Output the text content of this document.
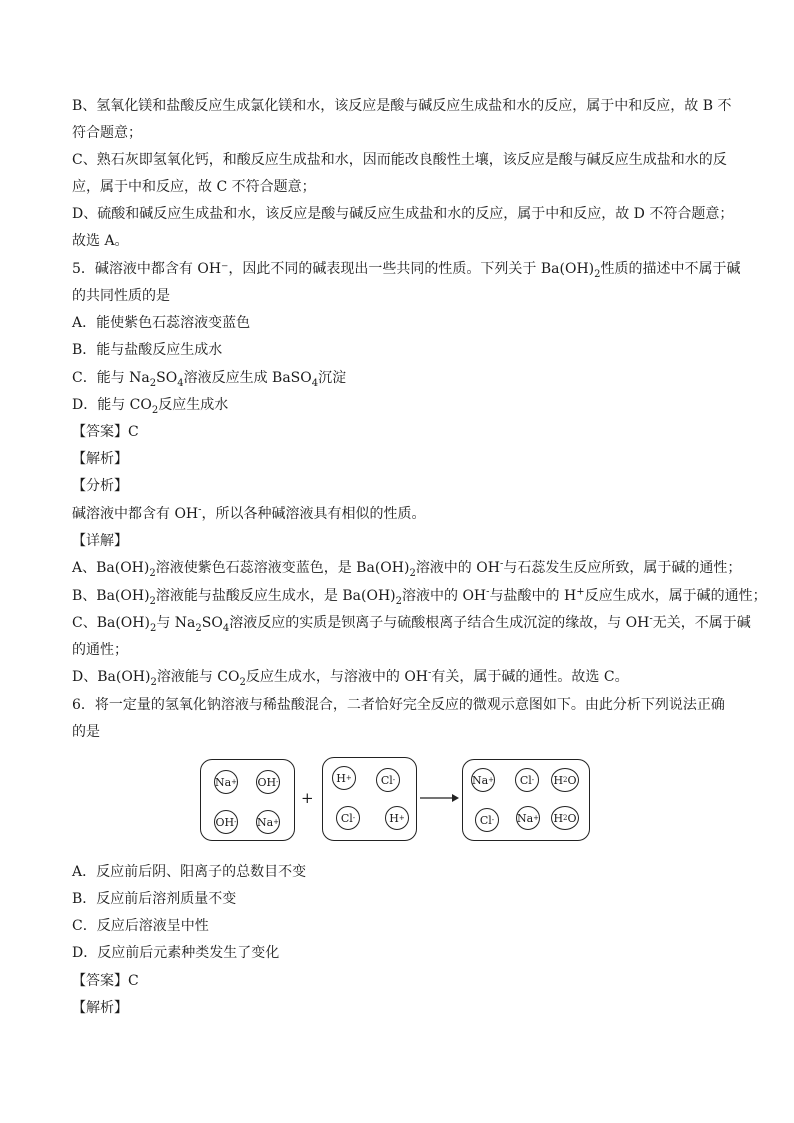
B、氢氧化镁和盐酸反应生成氯化镁和水，该反应是酸与碱反应生成盐和水的反应，属于中和反应，故 B 不
符合题意；
C、熟石灰即氢氧化钙，和酸反应生成盐和水，因而能改良酸性土壤，该反应是酸与碱反应生成盐和水的反
应，属于中和反应，故 C 不符合题意；
D、硫酸和碱反应生成盐和水，该反应是酸与碱反应生成盐和水的反应，属于中和反应，故 D 不符合题意；
故选 A。
5．碱溶液中都含有 OH⁻，因此不同的碱表现出一些共同的性质。下列关于 $Ba(OH)_2$性质的描述中不属于碱
的共同性质的是
A．能使紫色石蕊溶液变蓝色
B．能与盐酸反应生成水
C．能与 $Na_2SO_4$溶液反应生成 BaSO$_4$沉淀
D．能与 $CO_2$反应生成水
【答案】C
【解析】
【分析】
碱溶液中都含有 OH-，所以各种碱溶液具有相似的性质。
【详解】
A、$Ba(OH)_2$溶液使紫色石蕊溶液变蓝色，是 $Ba(OH)_2$溶液中的 OH-与石蕊发生反应所致，属于碱的通性；
B、$Ba(OH)_2$溶液能与盐酸反应生成水，是 $Ba(OH)_2$溶液中的 OH-与盐酸中的 H+反应生成水，属于碱的通性；
C、$Ba(OH)_2$与 $Na_2SO_4$溶液反应的实质是钡离子与硫酸根离子结合生成沉淀的缘故，与 OH-无关，不属于碱
的通性；
D、$Ba(OH)_2$溶液能与 $CO_2$反应生成水，与溶液中的 OH-有关，属于碱的通性。故选 C。
6．将一定量的氢氧化钠溶液与稀盐酸混合，二者恰好完全反应的微观示意图如下。由此分析下列说法正确
的是
A．反应前后阴、阳离子的总数目不变
B．反应前后溶剂质量不变
C．反应后溶液呈中性
D．反应前后元素种类发生了变化
【答案】C
【解析】
Na + OH -
OH - Na +
+
H +	Cl -
Cl -	H +
Na + Cl - H 2 O
Cl - Na + H 2 O
